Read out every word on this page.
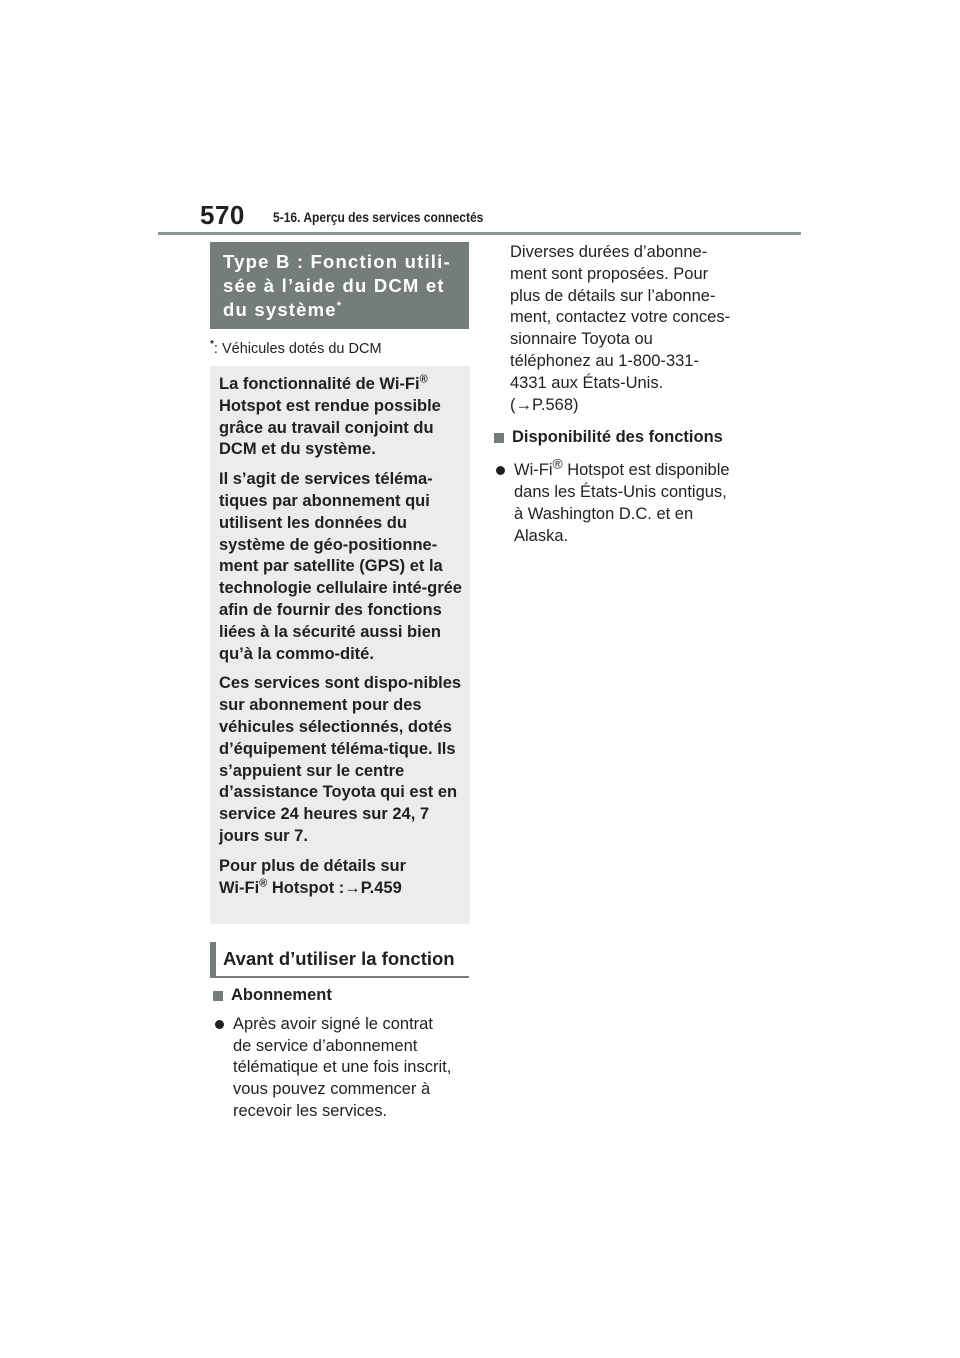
570 5-16. Aperçu des services connectés
Type B : Fonction utili-
sée à l’aide du DCM et
du système*
*: Véhicules dotés du DCM

La fonctionnalité de Wi-Fi®
Hotspot est rendue possible grâce au travail conjoint du DCM et du système.

Il s’agit de services téléma-tiques par abonnement qui utilisent les données du système de géo-positionne-ment par satellite (GPS) et la technologie cellulaire inté-grée afin de fournir des fonctions liées à la sécurité aussi bien qu’à la commo-dité.

Ces services sont dispo-nibles sur abonnement pour des véhicules sélectionnés, dotés d’équipement téléma-tique. Ils s’appuient sur le centre d’assistance Toyota qui est en service 24 heures sur 24, 7 jours sur 7.

Pour plus de détails sur
Wi-Fi® Hotspot :→P.459

Avant d’utiliser la fonction
Abonnement

Après avoir signé le contrat

de service d’abonnement

télématique et une fois inscrit,

vous pouvez commencer à

recevoir les services.

Diverses durées d’abonne-
ment sont proposées. Pour
plus de détails sur l’abonne-
ment, contactez votre conces-
sionnaire Toyota ou
téléphonez au 1-800-331-
4331 aux États-Unis.
(→P.568)
Disponibilité des fonctions

Wi-Fi® Hotspot est disponible

dans les États-Unis contigus,

à Washington D.C. et en

Alaska.
